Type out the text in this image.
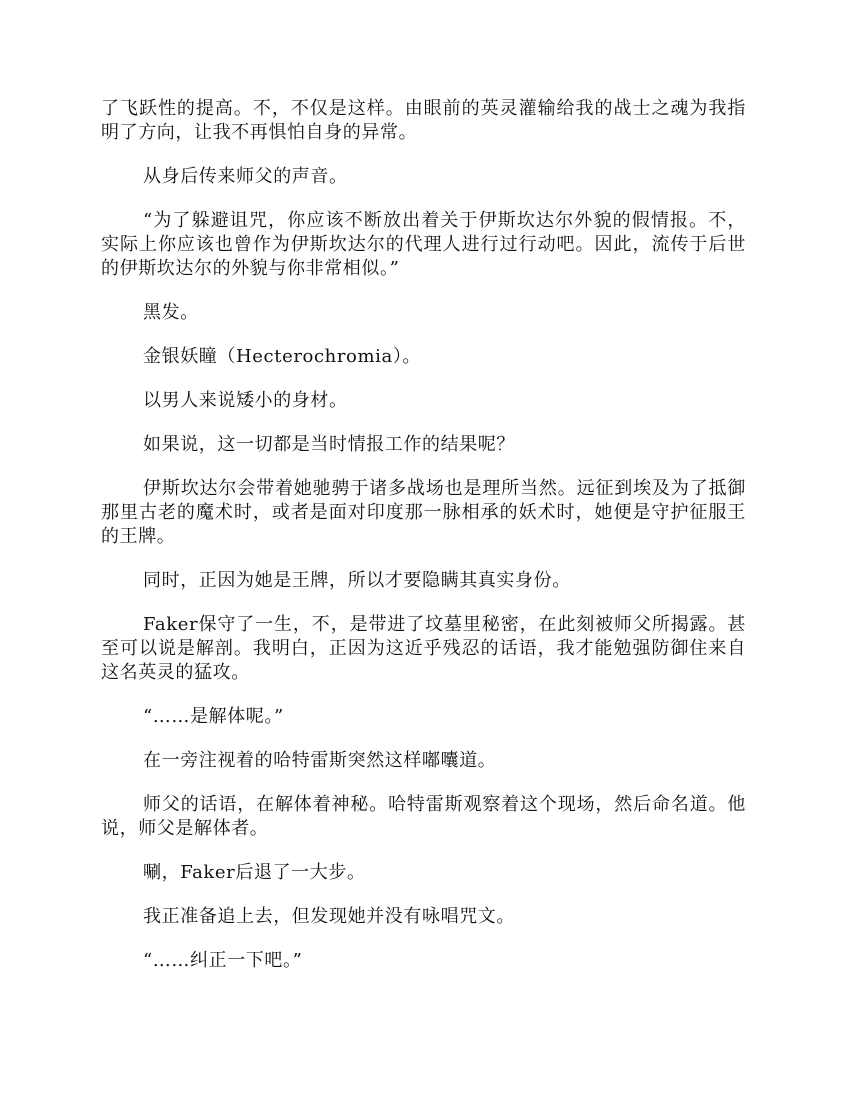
了飞跃性的提高。不，不仅是这样。由眼前的英灵灌输给我的战士之魂为我指明了方向，让我不再惧怕自身的异常。

从身后传来师父的声音。

“为了躲避诅咒，你应该不断放出着关于伊斯坎达尔外貌的假情报。不，实际上你应该也曾作为伊斯坎达尔的代理人进行过行动吧。因此，流传于后世的伊斯坎达尔的外貌与你非常相似。”

黑发。

金银妖瞳（Hecterochromia）。

以男人来说矮小的身材。

如果说，这一切都是当时情报工作的结果呢？

伊斯坎达尔会带着她驰骋于诸多战场也是理所当然。远征到埃及为了抵御那里古老的魔术时，或者是面对印度那一脉相承的妖术时，她便是守护征服王的王牌。

同时，正因为她是王牌，所以才要隐瞒其真实身份。

Faker保守了一生，不，是带进了坟墓里秘密，在此刻被师父所揭露。甚至可以说是解剖。我明白，正因为这近乎残忍的话语，我才能勉强防御住来自这名英灵的猛攻。

“……是解体呢。”

在一旁注视着的哈特雷斯突然这样嘟囔道。

师父的话语，在解体着神秘。哈特雷斯观察着这个现场，然后命名道。他说，师父是解体者。

唰，Faker后退了一大步。

我正准备追上去，但发现她并没有咏唱咒文。

“……纠正一下吧。”
